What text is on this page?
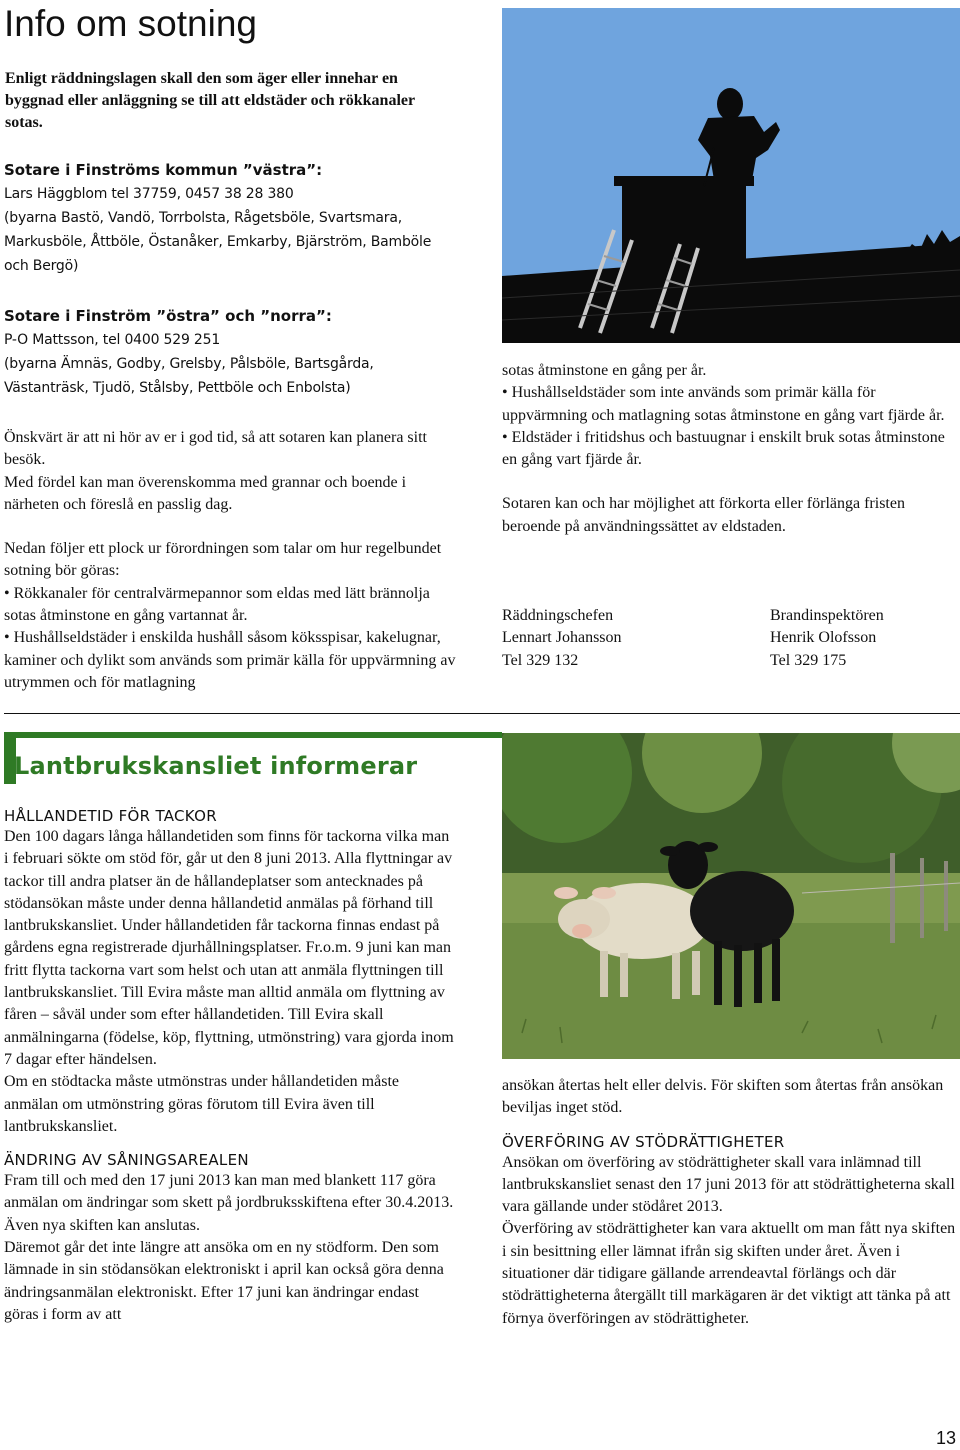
Info om sotning

Enligt räddningslagen skall den som äger eller innehar en byggnad eller anläggning se till att eldstäder och rökkanaler sotas.

Sotare i Finströms kommun ”västra”:

Lars Häggblom tel 37759, 0457 38 28 380

(byarna Bastö, Vandö, Torrbolsta, Rågetsböle, Svartsmara, Markusböle, Åttböle, Östanåker, Emkarby, Bjärström, Bamböle och Bergö)

Sotare i Finström ”östra” och ”norra”:

P-O Mattsson, tel 0400 529 251

(byarna Ämnäs, Godby, Grelsby, Pålsböle, Bartsgårda, Västanträsk, Tjudö, Stålsby, Pettböle och Enbolsta)

Önskvärt är att ni hör av er i god tid, så att sotaren kan planera sitt besök.

Med fördel kan man överenskomma med grannar och boende i närheten och föreslå en passlig dag.

Nedan följer ett plock ur förordningen som talar om hur regelbundet sotning bör göras:

• Rökkanaler för centralvärmepannor som eldas med lätt brännolja sotas åtminstone en gång vartannat år.

• Hushållseldstäder i enskilda hushåll såsom köksspisar, kakelugnar, kaminer och dylikt som används som primär källa för uppvärmning av utrymmen och för matlagning

sotas åtminstone en gång per år.

• Hushållseldstäder som inte används som primär källa för uppvärmning och matlagning sotas åtminstone en gång vart fjärde år.

• Eldstäder i fritidshus och bastuugnar i enskilt bruk sotas åtminstone en gång vart fjärde år.

Sotaren kan och har möjlighet att förkorta eller förlänga fristen beroende på användningssättet av eldstaden.

Räddningschefen

Lennart Johansson

Tel 329 132

Brandinspektören

Henrik Olofsson

Tel 329 175

Lantbrukskansliet informerar

HÅLLANDETID FÖR TACKOR

Den 100 dagars långa hållandetiden som finns för tackorna vilka man i februari sökte om stöd för, går ut den 8 juni 2013. Alla flyttningar av tackor till andra platser än de hållandeplatser som antecknades på stödansökan måste under denna hållandetid anmälas på förhand till lantbrukskansliet. Under hållandetiden får tackorna finnas endast på gårdens egna registrerade djurhållningsplatser. Fr.o.m. 9 juni kan man fritt flytta tackorna vart som helst och utan att anmäla flyttningen till lantbrukskansliet. Till Evira måste man alltid anmäla om flyttning av fåren – såväl under som efter hållandetiden. Till Evira skall anmälningarna (födelse, köp, flyttning, utmönstring) vara gjorda inom 7 dagar efter händelsen.

Om en stödtacka måste utmönstras under hållandetiden måste anmälan om utmönstring göras förutom till Evira även till lantbrukskansliet.

ÄNDRING AV SÅNINGSAREALEN

Fram till och med den 17 juni 2013 kan man med blankett 117 göra anmälan om ändringar som skett på jordbruksskiftena efter 30.4.2013. Även nya skiften kan anslutas.

Däremot går det inte längre att ansöka om en ny stödform. Den som lämnade in sin stödansökan elektroniskt i april kan också göra denna ändringsanmälan elektroniskt. Efter 17 juni kan ändringar endast göras i form av att

ansökan återtas helt eller delvis. För skiften som återtas från ansökan beviljas inget stöd.

ÖVERFÖRING AV STÖDRÄTTIGHETER

Ansökan om överföring av stödrättigheter skall vara inlämnad till lantbrukskansliet senast den 17 juni 2013 för att stödrättigheterna skall vara gällande under stödåret 2013.

Överföring av stödrättigheter kan vara aktuellt om man fått nya skiften i sin besittning eller lämnat ifrån sig skiften under året. Även i situationer där tidigare gällande arrendeavtal förlängs och där stödrättigheterna återgällt till markägaren är det viktigt att tänka på att förnya överföringen av stödrättigheter.

13
